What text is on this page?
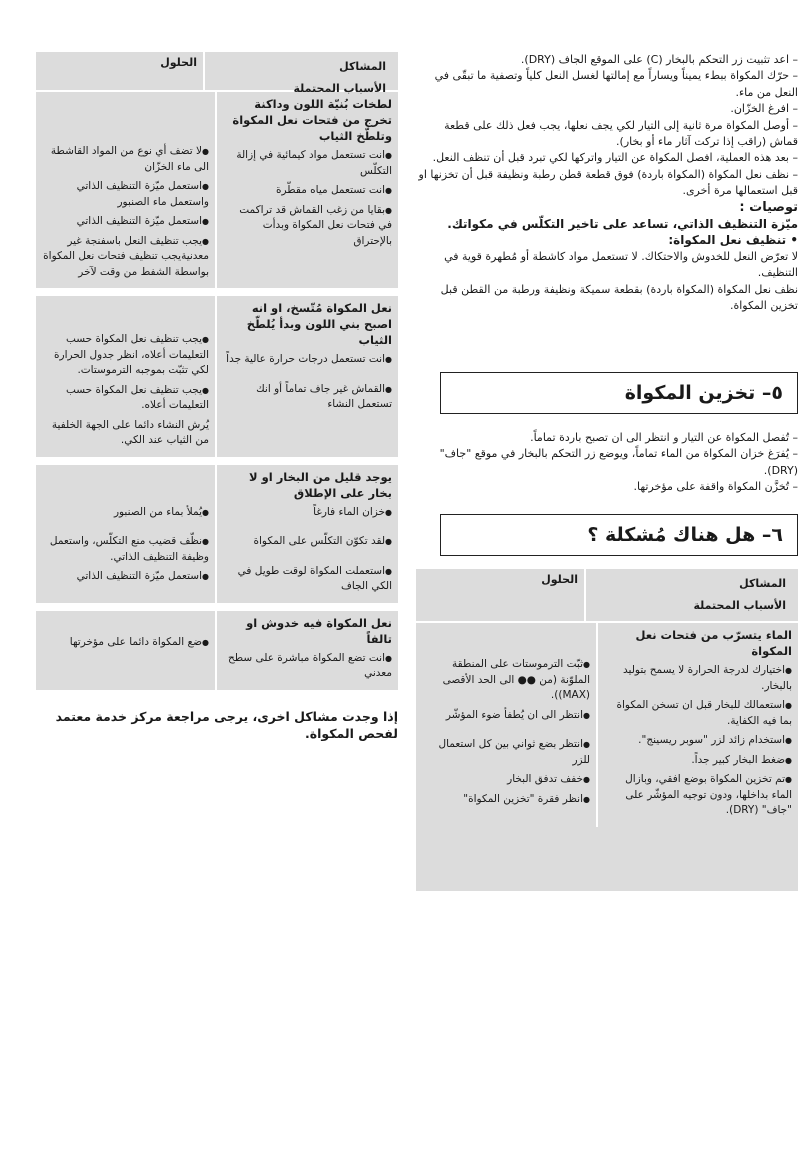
– اعد تثبيت زر التحكم بالبخار (C) على الموقع الجاف (DRY).

– حرّك المكواة ببطء يميناً ويساراً مع إمالتها لغسل النعل كلياً وتصفية ما تبقّى في النعل من ماء.

– افرغ الخزّان.

– أوصل المكواة مرة ثانية إلى التيار لكي يجف نعلها، يجب فعل ذلك على قطعة قماش (راقب إذا تركت آثار ماء أو بخار).

– بعد هذه العملية، افصل المكواة عن التيار واتركها لكي تبرد قبل أن تنظف النعل.

– نظف نعل المكواة (المكواة باردة) فوق قطعة قطن رطبة ونظيفة قبل أن تخزنها او قبل استعمالها مرة أخرى.

توصيات :

ميّزة التنظيف الذاتي، تساعد على تاخير التكلّس في مكواتك.

• تنظيف نعل المكواة:

لا تعرّض النعل للخدوش والاحتكاك. لا تستعمل مواد كاشطة أو مُطهرة قوية في التنظيف.

نظف نعل المكواة (المكواة باردة) بقطعة سميكة ونظيفة ورطبة من القطن قبل تخزين المكواة.

٥– تخزين المكواة

– تُفصل المكواة عن التيار و انتظر الى ان تصبح باردة تماماً.

– يُفرَغ خزان المكواة من الماء تماماً، ويوضع زر التحكم بالبخار في موقع "جاف" (DRY).

– تُخزَّن المكواة واقفة على مؤخرتها.

٦– هل هناك مُشكلة ؟
المشاكل
الأسباب المحتملة
الحلول
الماء يتسرّب من فتحات نعل المكواة
● اختيارك لدرجة الحرارة لا يسمح بتوليد بالبخار.
● استعمالك للبخار قبل ان تسخن المكواة بما فيه الكفاية.
● استخدام زائد لزر "سوبر ريسينج".
● ضغط البخار كبير جداً.
● تم تخزين المكواة بوضع افقي، وبازال الماء بداخلها، ودون توجيه المؤشّر على "جاف" (DRY).
● ثبّت الترموستات على المنطقة الملوّنة (من ●● الى الحد الأقصى (MAX)).
● انتظر الى ان يُطفأ ضوء المؤشّر
● انتظر بضع ثواني بين كل استعمال للزر
● خفف تدفق البخار
● انظر فقرة "تخزين المكواة"
المشاكل
الأسباب المحتملة
الحلول
لطخات بُنيّة اللون وداكنة تخرج من فتحات نعل المكواة وتلطّخ الثياب
● انت تستعمل مواد كيمائية في إزالة التكلّس
● انت تستعمل مياه مقطّرة
● بقايا من زغب القماش قد تراكمت في فتحات نعل المكواة وبدأت بالإحتراق
● لا تضف أي نوع من المواد القاشطة الى ماء الخزّان
● استعمل ميّزة التنظيف الذاتي واستعمل ماء الصنبور
● استعمل ميّزة التنظيف الذاتي
● يجب تنظيف النعل باسفنجة غير معدنيةيجب تنظيف فتحات نعل المكواة بواسطة الشفط من وقت لآخر
نعل المكواة مُتّسخ، او انه اصبح بني اللون وبدأ يُلطّخ الثياب
● انت تستعمل درجات حرارة عالية جداً
● القماش غير جاف تماماً أو انك تستعمل النشاء
● يجب تنظيف نعل المكواة حسب التعليمات أعلاه، انظر جدول الحرارة لكي تثبّت بموجبه الترموستات.
● يجب تنظيف نعل المكواة حسب التعليمات أعلاه.
يُرش النشاء دائما على الجهة الخلفية من الثياب عند الكي.
يوجد قليل من البخار او لا بخار على الإطلاق
● خزان الماء فارغاً
● لقد تكوّن التكلّس على المكواة
● استعملت المكواة لوقت طويل في الكي الجاف
● يُملأ بماء من الصنبور
● نظّف قضيب منع التكلّس، واستعمل وظيفة التنظيف الذاتي.
● استعمل ميّزة التنظيف الذاتي
نعل المكواة فيه خدوش او تالفاً
● انت تضع المكواة مباشرة على سطح معدني
● ضع المكواة دائما على مؤخرتها

إذا وجدت مشاكل اخرى، يرجى مراجعة مركز خدمة معتمد لفحص المكواة.
